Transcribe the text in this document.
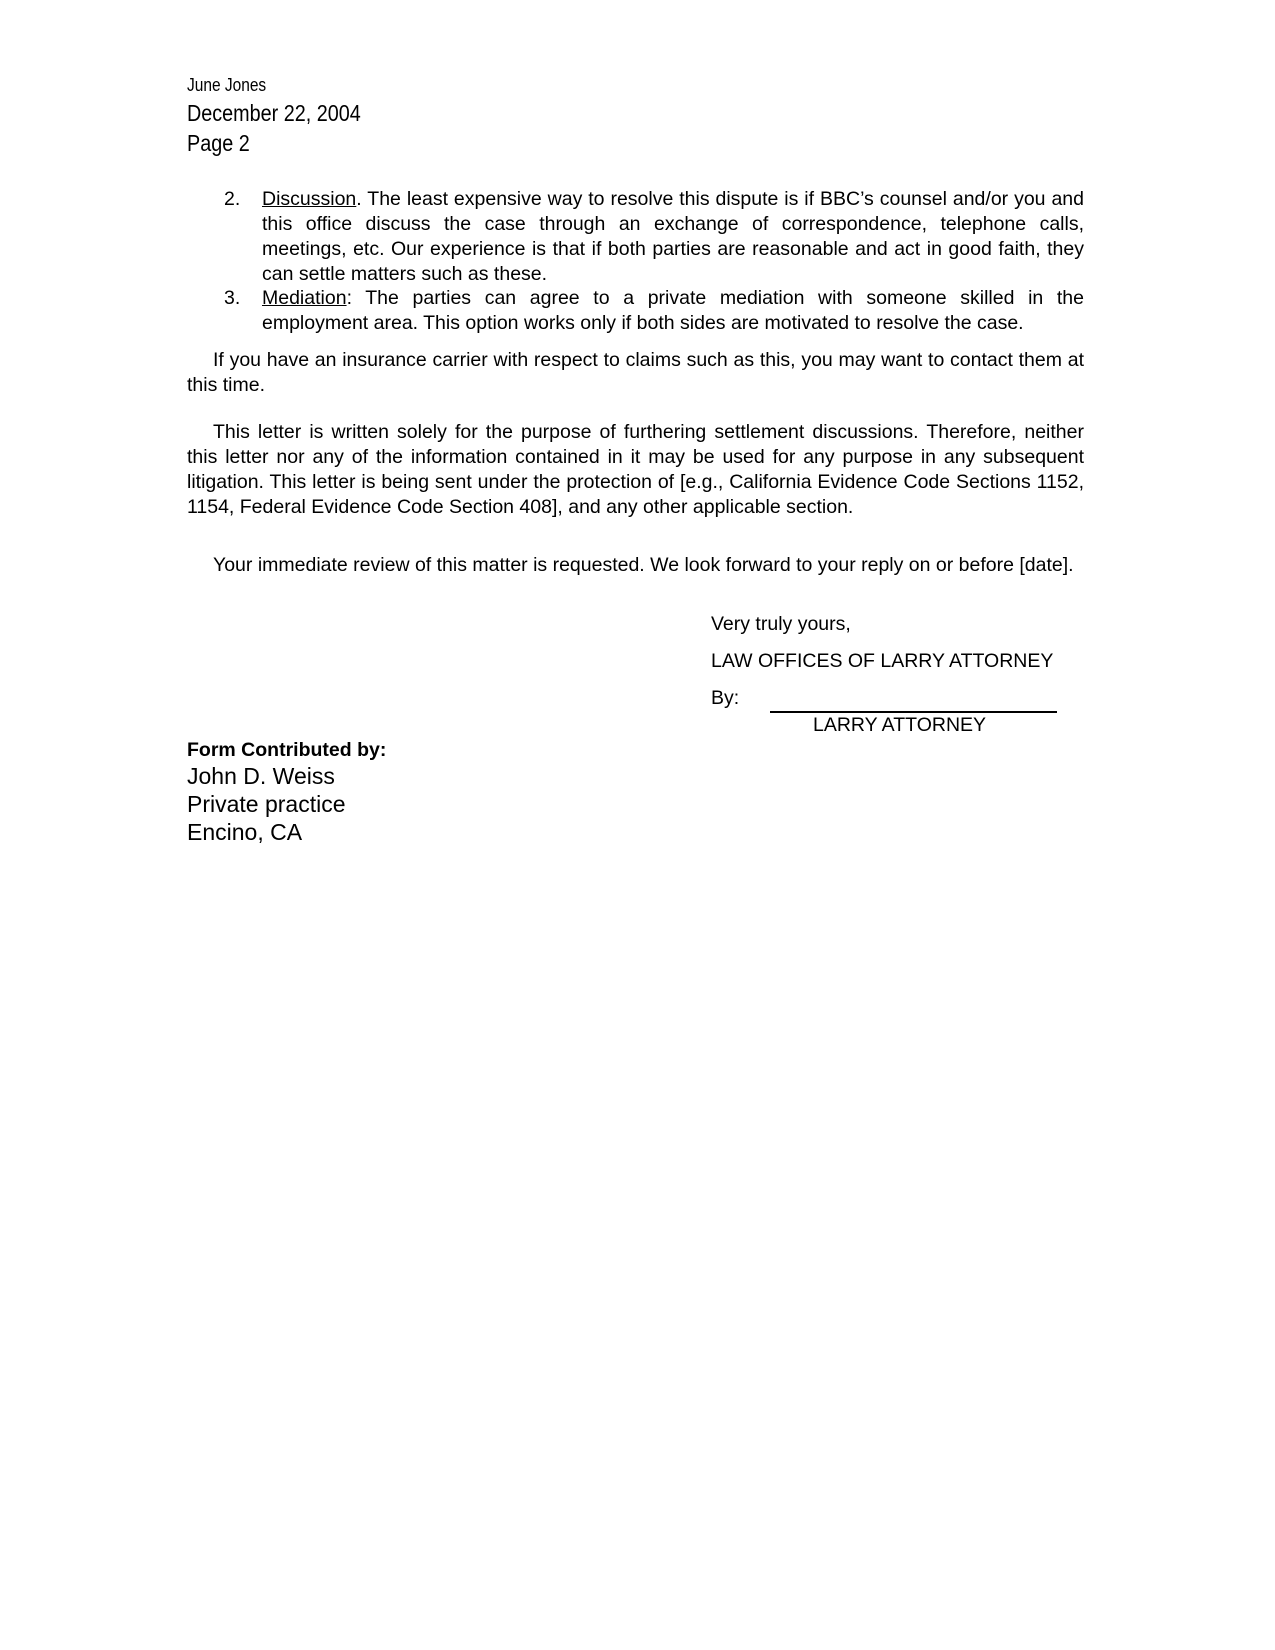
June Jones
December 22, 2004
Page 2
2.	Discussion. The least expensive way to resolve this dispute is if BBC’s counsel and/or you and this office discuss the case through an exchange of correspondence, telephone calls, meetings, etc. Our experience is that if both parties are reasonable and act in good faith, they can settle matters such as these.
3.	Mediation: The parties can agree to a private mediation with someone skilled in the employment area. This option works only if both sides are motivated to resolve the case.

If you have an insurance carrier with respect to claims such as this, you may want to contact them at this time.

This letter is written solely for the purpose of furthering settlement discussions. Therefore, neither this letter nor any of the information contained in it may be used for any purpose in any subsequent litigation. This letter is being sent under the protection of [e.g., California Evidence Code Sections 1152, 1154, Federal Evidence Code Section 408], and any other applicable section.

Your immediate review of this matter is requested. We look forward to your reply on or before [date].

Very truly yours,
LAW OFFICES OF LARRY ATTORNEY
By:
LARRY ATTORNEY
Form Contributed by:
John D. Weiss
Private practice
Encino, CA
